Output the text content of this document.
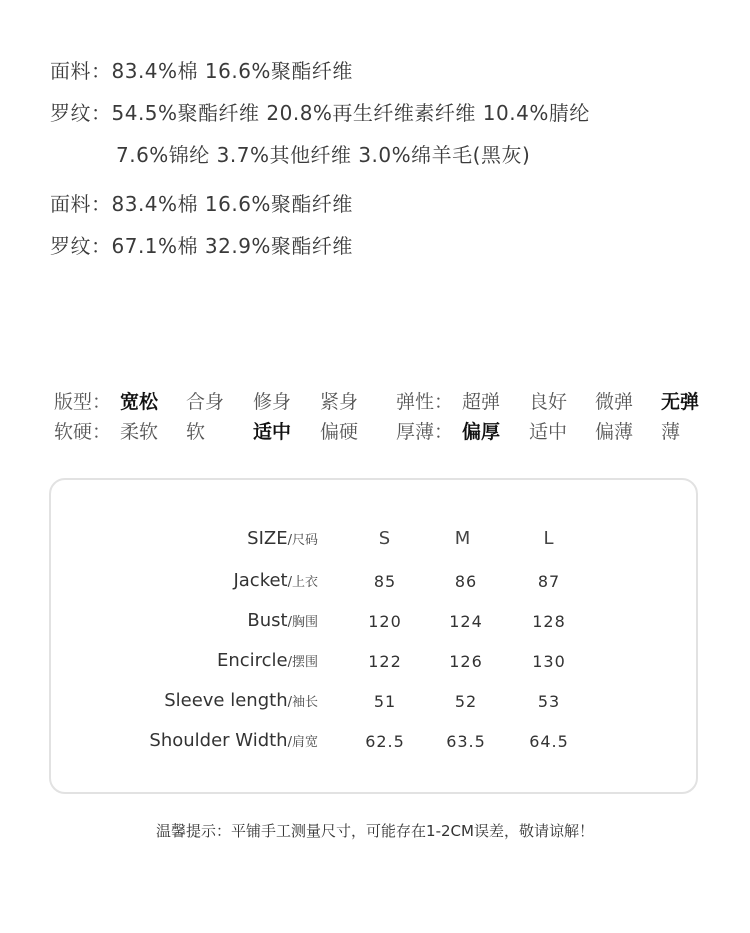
面料：83.4%棉 16.6%聚酯纤维
罗纹：54.5%聚酯纤维 20.8%再生纤维素纤维 10.4%腈纶
7.6%锦纶 3.7%其他纤维 3.0%绵羊毛(黑灰)
面料：83.4%棉 16.6%聚酯纤维
罗纹：67.1%棉 32.9%聚酯纤维
版型： 宽松 合身 修身 紧身 弹性： 超弹 良好 微弹 无弹
软硬： 柔软 软	适中 偏硬 厚薄： 偏厚 适中 偏薄 薄
SIZE/尺码	S	M	L
Jacket/上衣	85	86	87
Bust/胸围	120	124	128
Encircle/摆围	122	126	130
Sleeve length/袖长	51	52	53
Shoulder Width/肩宽	62.5	63.5	64.5
温馨提示：平铺手工测量尺寸，可能存在1-2CM误差，敬请谅解！
